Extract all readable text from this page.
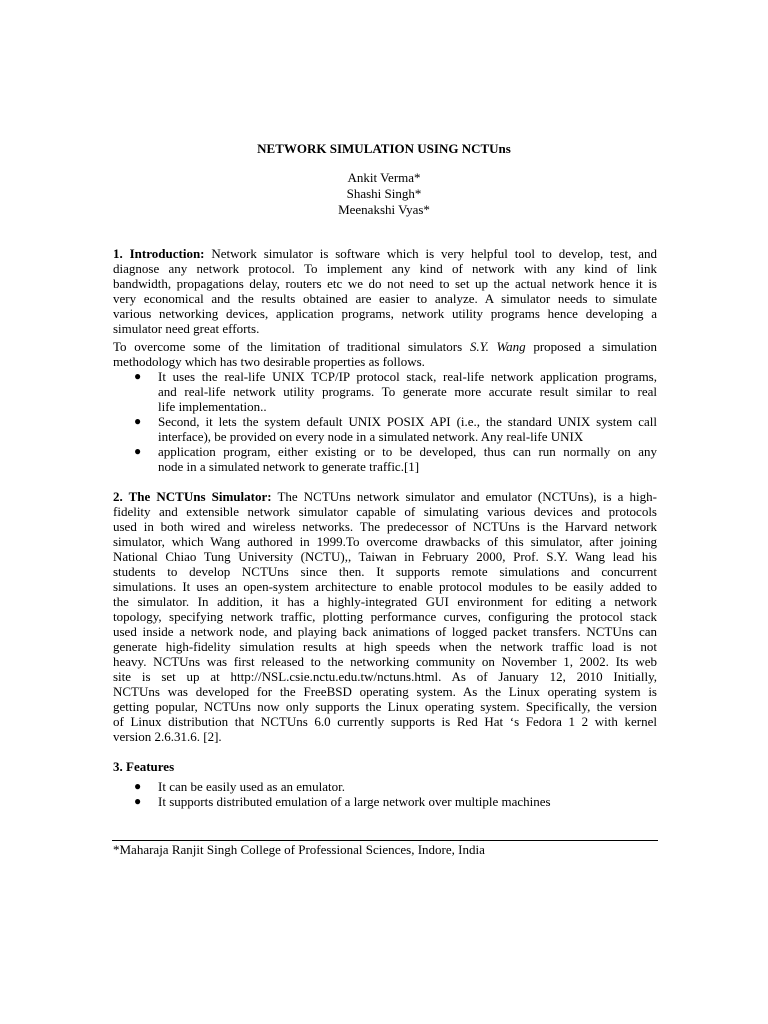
NETWORK SIMULATION USING NCTUns
Ankit Verma*
Shashi Singh*
Meenakshi Vyas*
1. Introduction: Network simulator is software which is very helpful tool to develop, test, and
diagnose any network protocol. To implement any kind of network with any kind of link
bandwidth, propagations delay, routers etc we do not need to set up the actual network hence it is
very economical and the results obtained are easier to analyze. A simulator needs to simulate
various networking devices, application programs, network utility programs hence developing a
simulator need great efforts.
To overcome some of the limitation of traditional simulators S.Y. Wang proposed a simulation
methodology which has two desirable properties as follows.
● It uses the real-life UNIX TCP/IP protocol stack, real-life network application programs,
and real-life network utility programs. To generate more accurate result similar to real
life implementation..
● Second, it lets the system default UNIX POSIX API (i.e., the standard UNIX system call
interface), be provided on every node in a simulated network. Any real-life UNIX
● application program, either existing or to be developed, thus can run normally on any
node in a simulated network to generate traffic.[1]
2. The NCTUns Simulator: The NCTUns network simulator and emulator (NCTUns), is a high-
fidelity and extensible network simulator capable of simulating various devices and protocols
used in both wired and wireless networks. The predecessor of NCTUns is the Harvard network
simulator, which Wang authored in 1999.To overcome drawbacks of this simulator, after joining
National Chiao Tung University (NCTU),, Taiwan in February 2000, Prof. S.Y. Wang lead his
students to develop NCTUns since then. It supports remote simulations and concurrent
simulations. It uses an open-system architecture to enable protocol modules to be easily added to
the simulator. In addition, it has a highly-integrated GUI environment for editing a network
topology, specifying network traffic, plotting performance curves, configuring the protocol stack
used inside a network node, and playing back animations of logged packet transfers. NCTUns can
generate high-fidelity simulation results at high speeds when the network traffic load is not
heavy. NCTUns was first released to the networking community on November 1, 2002. Its web
site is set up at http://NSL.csie.nctu.edu.tw/nctuns.html. As of January 12, 2010 Initially,
NCTUns was developed for the FreeBSD operating system. As the Linux operating system is
getting popular, NCTUns now only supports the Linux operating system. Specifically, the version
of Linux distribution that NCTUns 6.0 currently supports is Red Hat ‘s Fedora 1 2 with kernel
version 2.6.31.6. [2].
3. Features
● It can be easily used as an emulator.
● It supports distributed emulation of a large network over multiple machines
*Maharaja Ranjit Singh College of Professional Sciences, Indore, India
